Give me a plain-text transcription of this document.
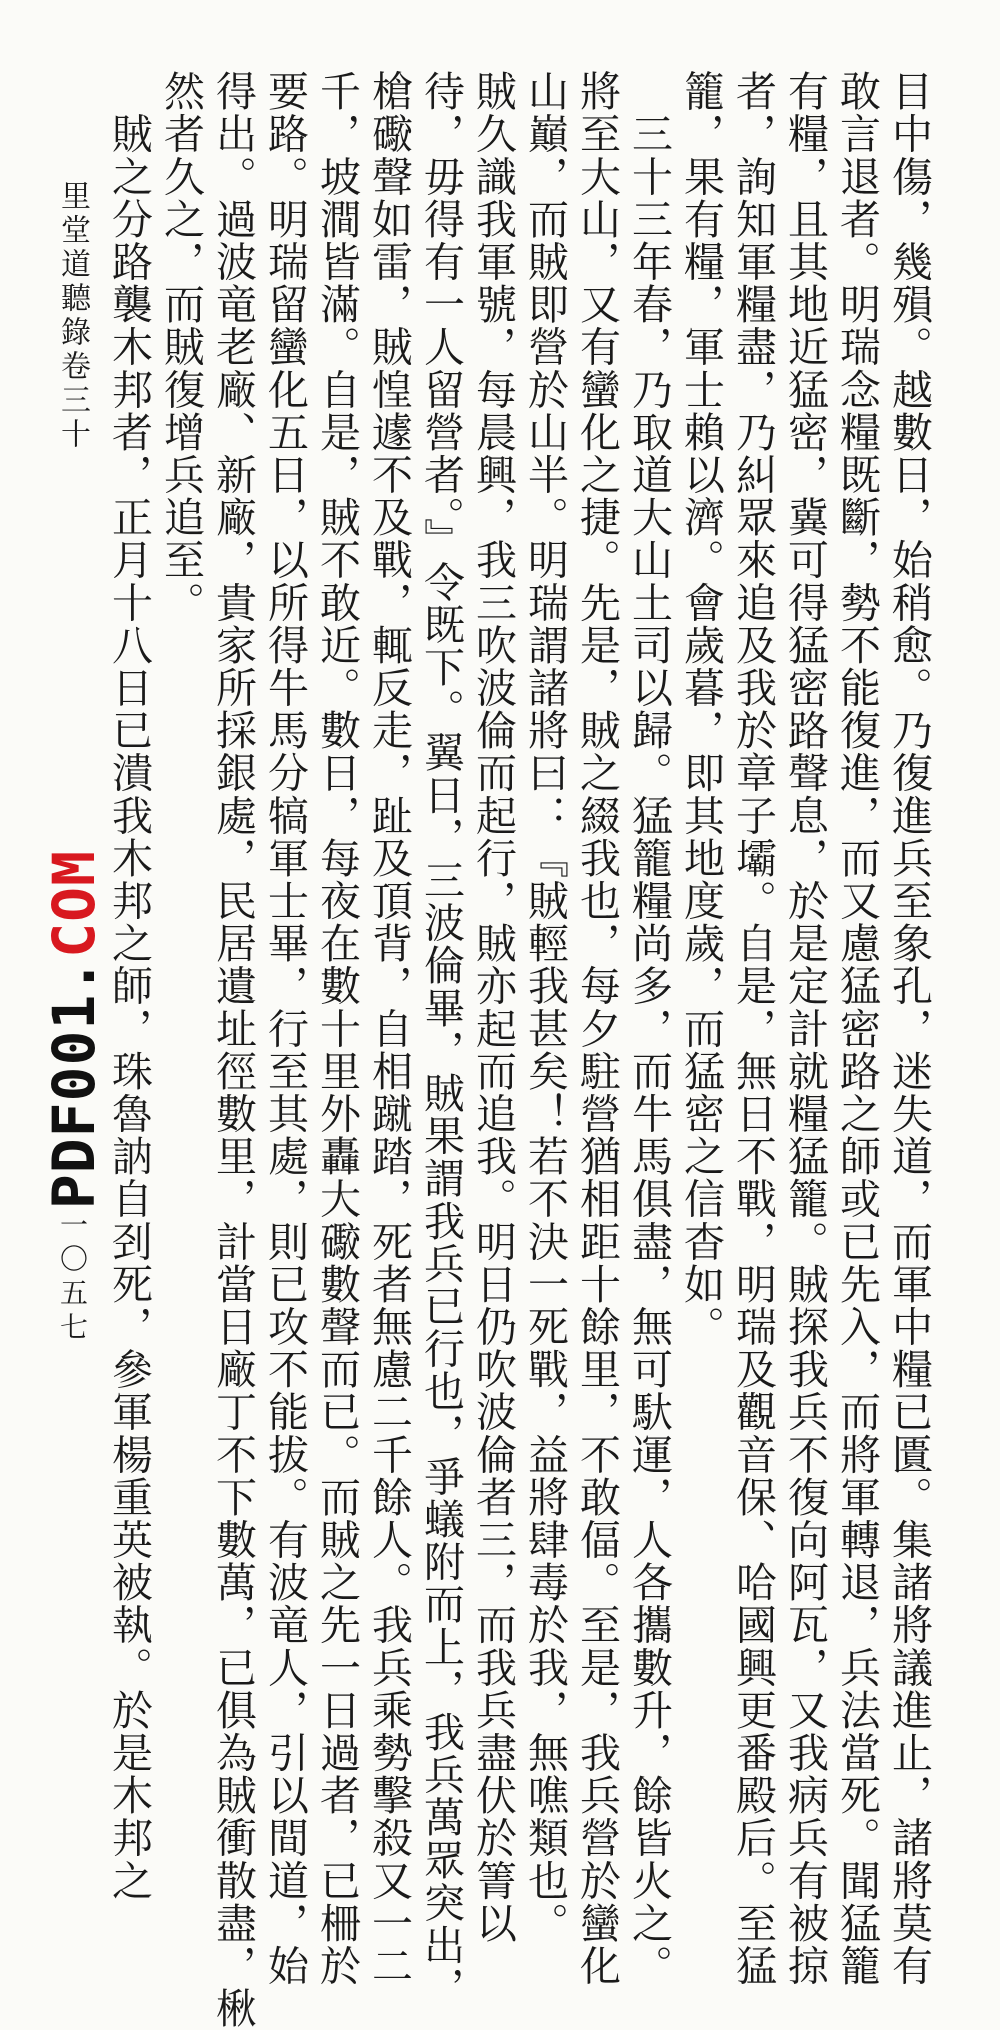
目中傷，幾殞。越數日，始稍愈。乃復進兵至象孔，迷失道，而軍中糧已匱。集諸將議進止，諸將莫有

敢言退者。明瑞念糧既斷，勢不能復進，而又慮猛密路之師或已先入，而將軍轉退，兵法當死。聞猛籠

有糧，且其地近猛密，冀可得猛密路聲息，於是定計就糧猛籠。賊探我兵不復向阿瓦，又我病兵有被掠

者，詢知軍糧盡，乃糾眾來追及我於章子壩。自是，無日不戰，明瑞及觀音保、哈國興更番殿后。至猛

籠，果有糧，軍士賴以濟。會歲暮，即其地度歲，而猛密之信杳如。

　三十三年春，乃取道大山土司以歸。猛籠糧尚多，而牛馬俱盡，無可馱運，人各攜數升，餘皆火之。

將至大山，又有蠻化之捷。先是，賊之綴我也，每夕駐營猶相距十餘里，不敢偪。至是，我兵營於蠻化

山巔，而賊即營於山半。明瑞謂諸將曰：『賊輕我甚矣！若不決一死戰，益將肆毒於我，無噍類也。

賊久識我軍號，每晨興，我三吹波倫而起行，賊亦起而追我。明日仍吹波倫者三，而我兵盡伏於箐以

待，毋得有一人留營者。』令既下。翼日，三波倫畢，賊果謂我兵已行也，爭蟻附而上，我兵萬眾突出，

槍礮聲如雷，賊惶遽不及戰，輒反走，趾及頂背，自相蹴踏，死者無慮二千餘人。我兵乘勢擊殺又一二

千，坡澗皆滿。自是，賊不敢近。數日，每夜在數十里外轟大礮數聲而已。而賊之先一日過者，已柵於

要路。明瑞留蠻化五日，以所得牛馬分犒軍士畢，行至其處，則已攻不能拔。有波竜人，引以間道，始

得出。過波竜老廠、新廠，貴家所採銀處，民居遺址徑數里，計當日廠丁不下數萬，已俱為賊衝散盡，楸

然者久之，而賊復增兵追至。

　賊之分路襲木邦者，正月十八日已潰我木邦之師，珠魯訥自刭死，參軍楊重英被執。於是木邦之

里堂道聽錄卷三十

PDF001.COM
一〇五七
